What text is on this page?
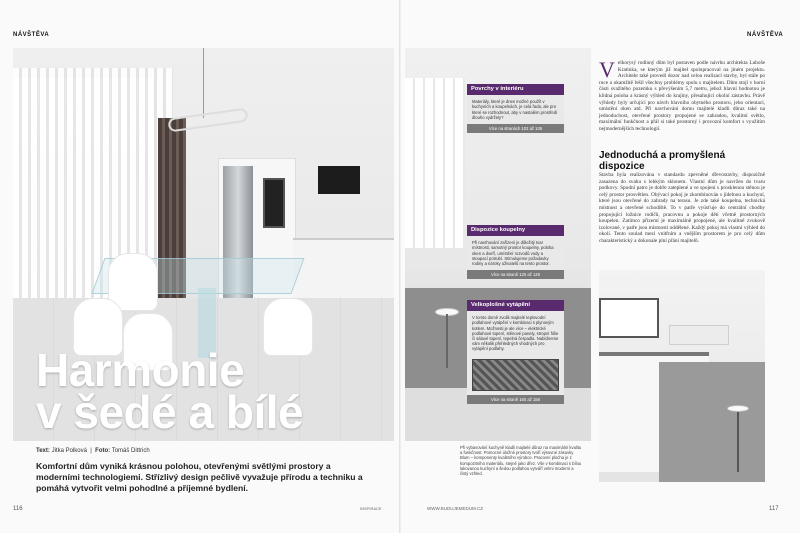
NÁVŠTĚVA	NÁVŠTĚVA
Harmonie
v šedé a bílé
Text: Jitka Polková  |  Foto: Tomáš Dittrich
Komfortní dům vyniká krásnou polohou, otevřenými světlými prostory a moderními technologiemi. Střízlivý design pečlivě vyvažuje přírodu a techniku a pomáhá vytvořit velmi pohodlné a příjemné bydlení.
116	INSPIRACE	WWW.BUDUJEMEDUM.CZ	117
Povrchy v interiéru
Materiály, které je dnes možné použít v kuchyních a koupelnách, je celá řada, ale pro které se rozhodnout, aby v nastalém prostředí dlouho vydržely?
Více na stranách 102 až 105
Dispozice koupelny
Při navrhování zařízení je důležitý tvar místnosti, samotný prostor koupelny, poloha oken a dveří, umístění rozvodů vody a stoupací potrubí. Stimulujeme požadavky rodiny a nároky uživatelů na tento prostor.
Více na straně 125 až 126
Velkoplošné vytápění
V tomto domě zvolili majitelé teplovodní podlahové vytápění v kombinaci s plynovým kotlem. Možnosti je ale více – elektrické podlahové topení, stěnové panely, stropní fólie či sálavé topení, tepelná čerpadla. Nabídneme vám několik přehledných vhodných pro vytápění podlahy.
Více na straně 160 až 156
Při vybavování kuchyně kladli majitelé důraz na maximální kvalitu a funkčnost. Pomocné úložné prostory tvoří výsuvné zásuvky Blum – komponenty kvalitního výrobce. Pracovní plocha je z kompozitního materiálu, stejně jako dřez. Vše v kombinaci s bílou lakovanou kuchyní a šedou podlahou vytváří velmi moderní a čistý vzhled.
Velkorysý rodinný dům byl postaven podle návrhu architekta Luboše Kratinka, se kterým již majitel spolupracoval na jiném projektu. Architekt také provedl dozor nad celou realizací stavby, byl stále po ruce a okamžitě řešil všechny problémy spolu s majitelem. Dům stojí v horní části svažitého pozemku s převýšením 5,7 metru, jehož hlavní hodnotou je klidná poloha a krásný výhled do krajiny, přesahující okolní zástavbu. Právě výhledy byly určující pro návrh hlavního obytného prostoru, jeho orientaci, umístění oken atd. Při navrhování domu majitelé kladli důraz také na jednoduchost, otevřené prostory propojené se zahradou, kvalitní světlo, maximální funkčnost a přál si také prostorný i provozní komfort s využitím nejmodernějších technologií.
Jednoduchá a promyšlená dispozice
Stavba byla realizována v standardu zpevněné dřevostavby, dispozičně zasazena do svahu s lehkým sklonem. Vlastní dům je navržen do tvaru podkovy. Spodní patro je dobře zateplené a ve spojení s prosklenou stěnou je celý prostor prosvětlen. Obývací pokoj je zkombinován s jídelnou a kuchyní, které jsou otevřené do zahrady na terasu. Je zde také koupelna, technická místnost a otevřené schodiště. To v patře vyúsťuje do centrální chodby propojující ložnice rodičů, pracovnu a pokoje dětí včetně prostorných koupelen. Zatímco přízemí je maximálně propojené, ale kvalitně zvukově izolované, v patře jsou místnosti oddělené. Každý pokoj má vlastní výhled do okolí. Tento soulad mezi vnitřním a vnějším prostorem je pro celý dům charakteristický a dokonale plní přání majitelů.
